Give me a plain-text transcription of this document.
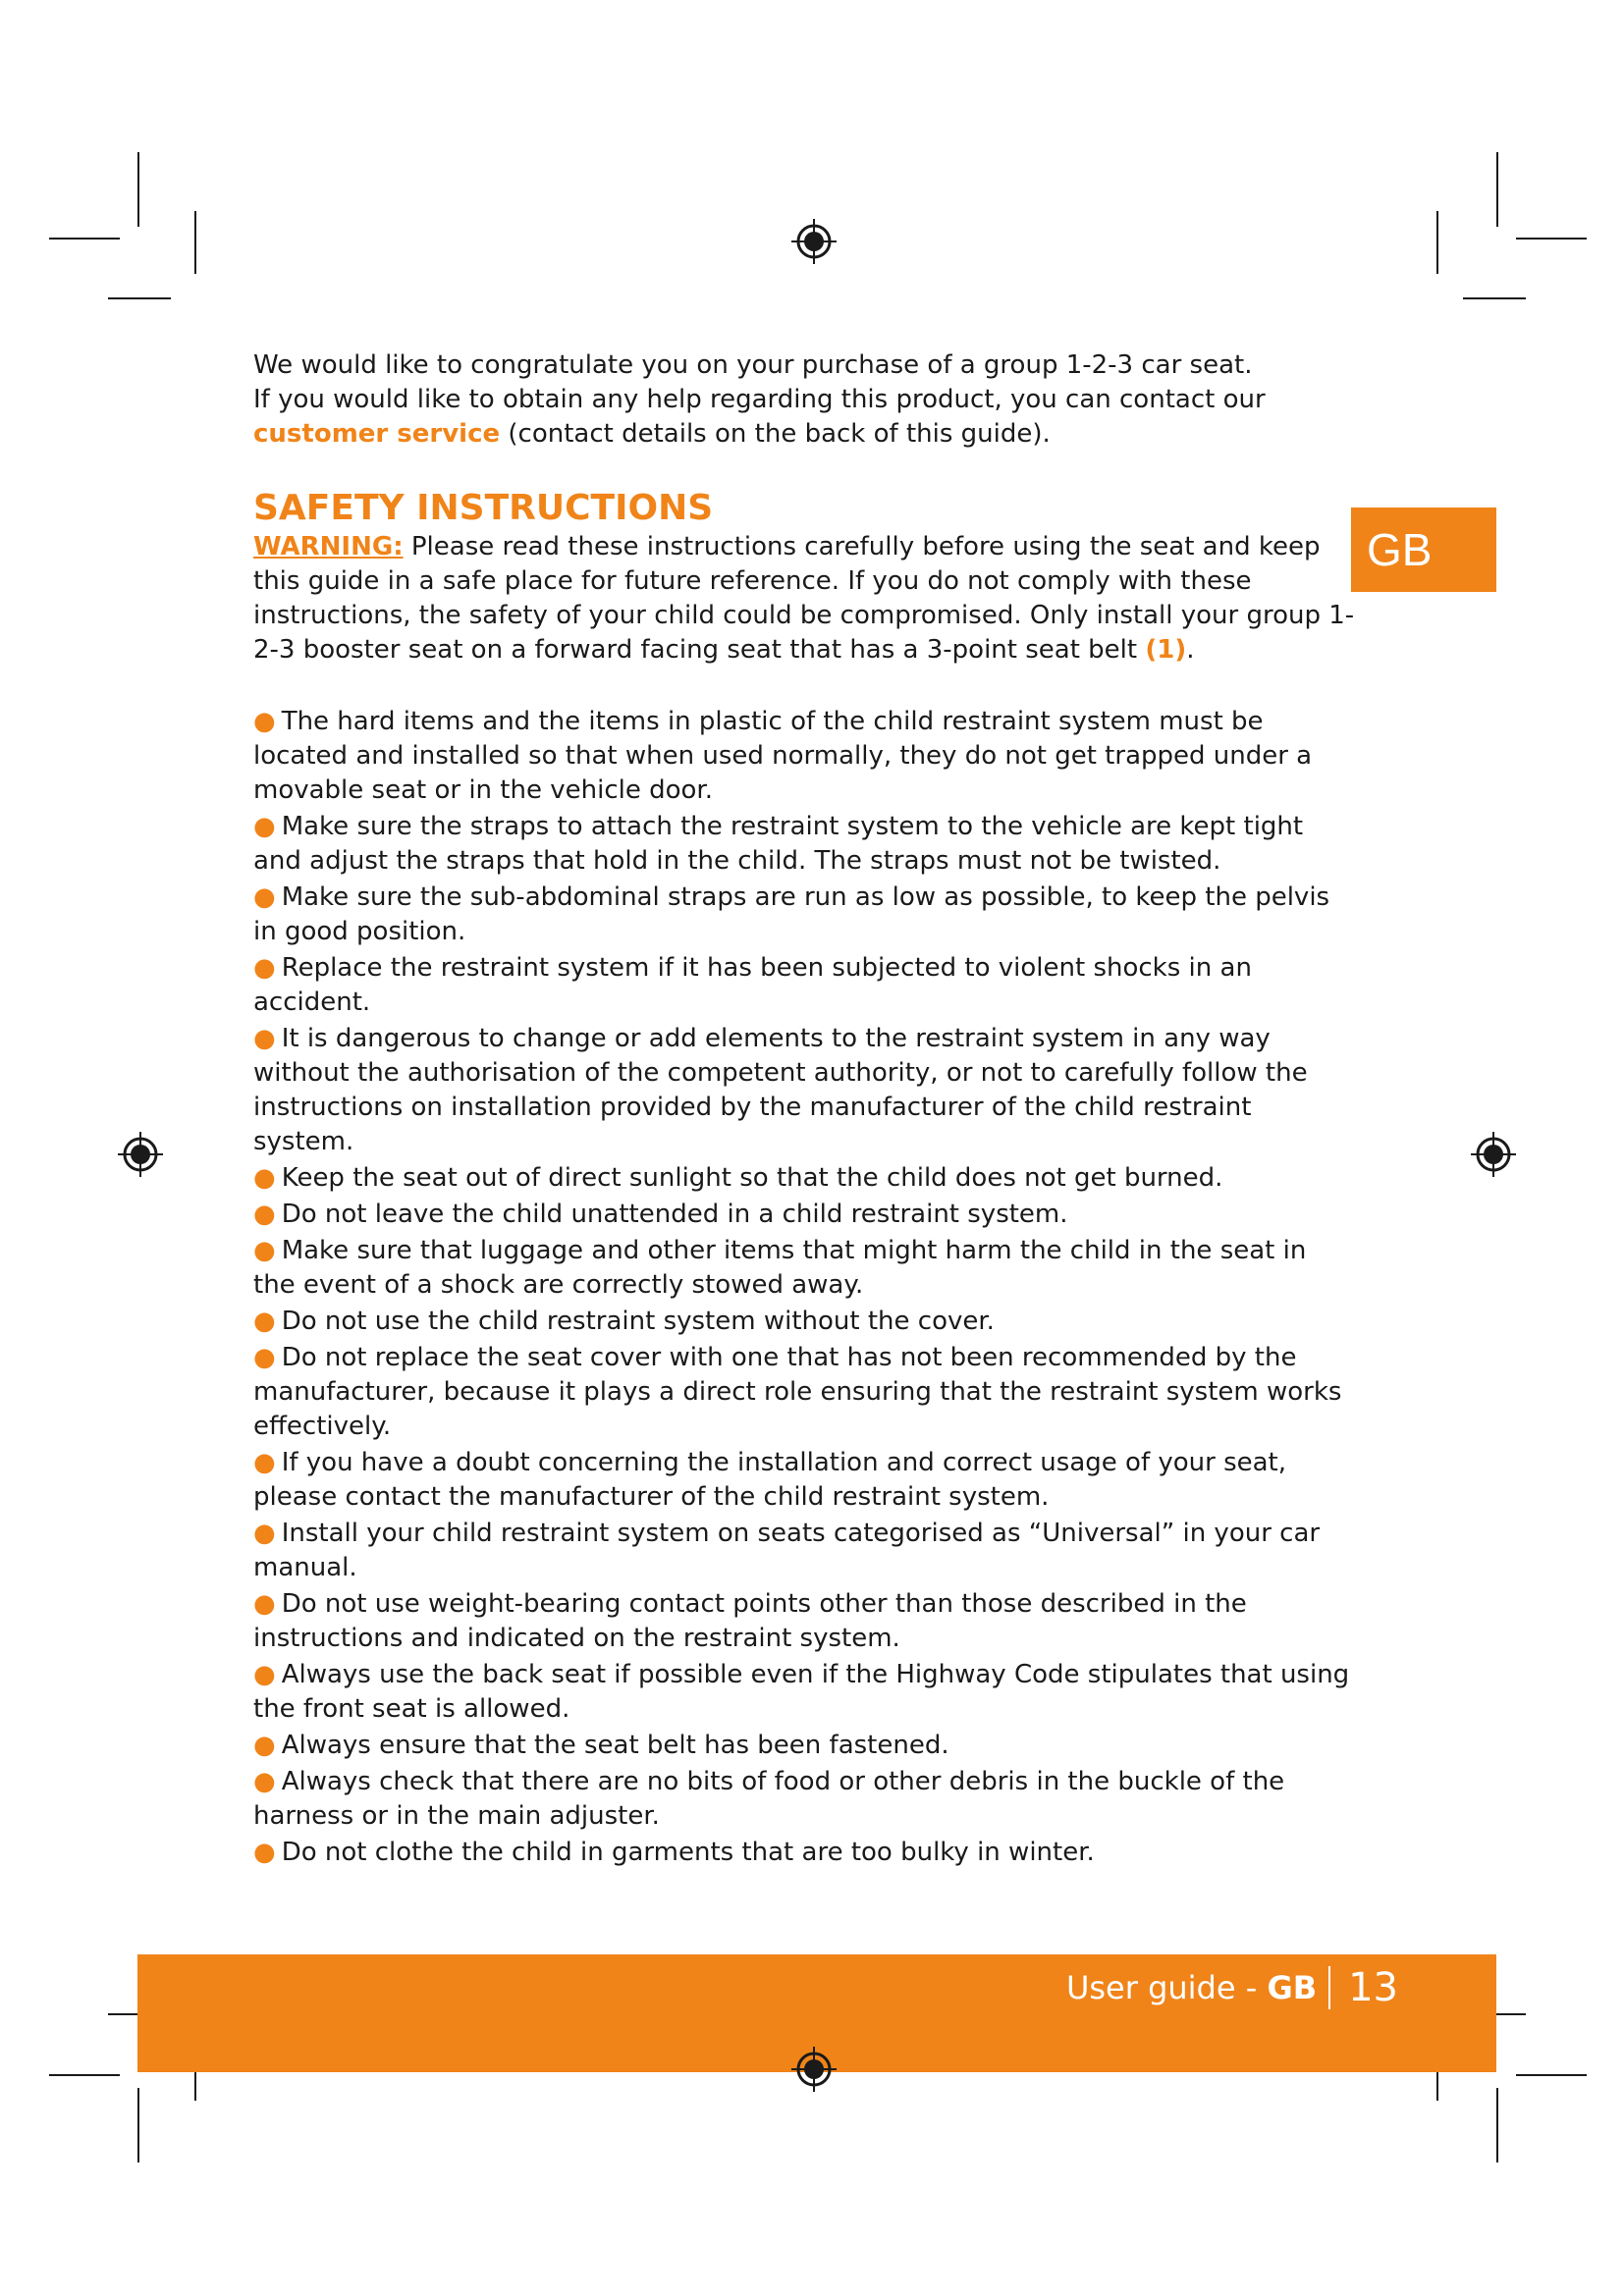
We would like to congratulate you on your purchase of a group 1-2-3 car seat.

If you would like to obtain any help regarding this product, you can contact our customer service (contact details on the back of this guide).

SAFETY INSTRUCTIONS

WARNING: Please read these instructions carefully before using the seat and keep this guide in a safe place for future reference. If you do not comply with these instructions, the safety of your child could be compromised. Only install your group 1-2-3 booster seat on a forward facing seat that has a 3-point seat belt (1).

● The hard items and the items in plastic of the child restraint system must be located and installed so that when used normally, they do not get trapped under a movable seat or in the vehicle door.
● Make sure the straps to attach the restraint system to the vehicle are kept tight and adjust the straps that hold in the child. The straps must not be twisted.
● Make sure the sub-abdominal straps are run as low as possible, to keep the pelvis in good position.
● Replace the restraint system if it has been subjected to violent shocks in an accident.
● It is dangerous to change or add elements to the restraint system in any way without the authorisation of the competent authority, or not to carefully follow the instructions on installation provided by the manufacturer of the child restraint system.
● Keep the seat out of direct sunlight so that the child does not get burned.
● Do not leave the child unattended in a child restraint system.
● Make sure that luggage and other items that might harm the child in the seat in the event of a shock are correctly stowed away.
● Do not use the child restraint system without the cover.
● Do not replace the seat cover with one that has not been recommended by the manufacturer, because it plays a direct role ensuring that the restraint system works effectively.
● If you have a doubt concerning the installation and correct usage of your seat, please contact the manufacturer of the child restraint system.
● Install your child restraint system on seats categorised as “Universal” in your car manual.
● Do not use weight-bearing contact points other than those described in the instructions and indicated on the restraint system.
● Always use the back seat if possible even if the Highway Code stipulates that using the front seat is allowed.
● Always ensure that the seat belt has been fastened.
● Always check that there are no bits of food or other debris in the buckle of the harness or in the main adjuster.
● Do not clothe the child in garments that are too bulky in winter.
GB
User guide - GB 13
